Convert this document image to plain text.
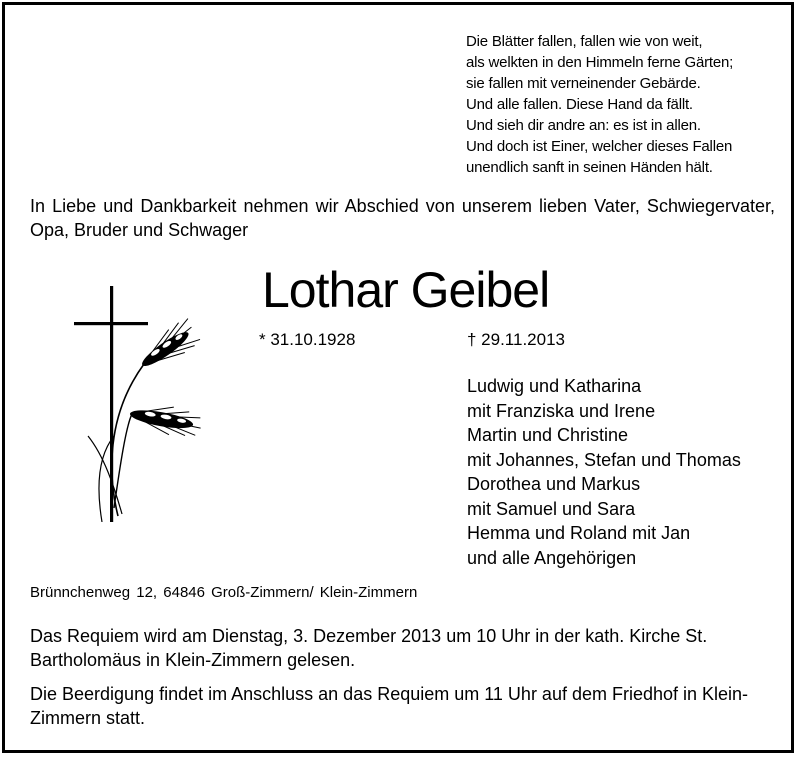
Die Blätter fallen, fallen wie von weit,
als welkten in den Himmeln ferne Gärten;
sie fallen mit verneinender Gebärde.
Und alle fallen. Diese Hand da fällt.
Und sieh dir andre an: es ist in allen.
Und doch ist Einer, welcher dieses Fallen
unendlich sanft in seinen Händen hält.
In Liebe und Dankbarkeit nehmen wir Abschied von unserem lieben Vater, Schwiegervater, Opa, Bruder und Schwager
Lothar Geibel
* 31.10.1928	† 29.11.2013
Ludwig und Katharina
mit Franziska und Irene
Martin und Christine
mit Johannes, Stefan und Thomas
Dorothea und Markus
mit Samuel und Sara
Hemma und Roland mit Jan
und alle Angehörigen
Brünnchenweg 12, 64846 Groß-Zimmern/ Klein-Zimmern
Das Requiem wird am Dienstag, 3. Dezember 2013 um 10 Uhr in der kath. Kirche St. Bartholomäus in Klein-Zimmern gelesen.
Die Beerdigung findet im Anschluss an das Requiem um 11 Uhr auf dem Friedhof in Klein-Zimmern statt.
